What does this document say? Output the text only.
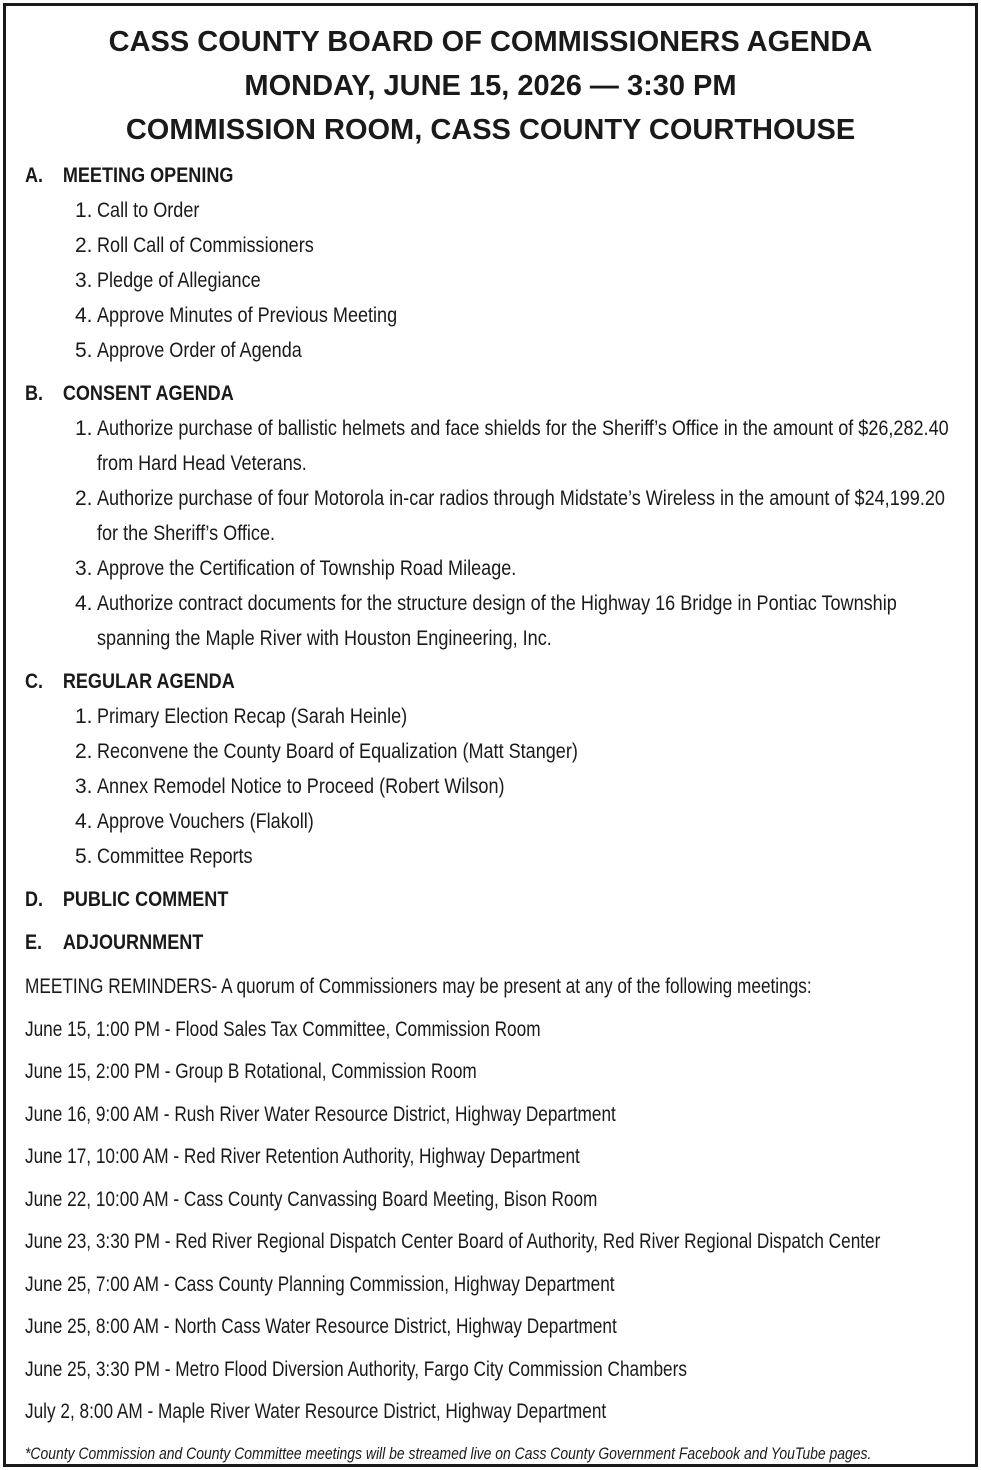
CASS COUNTY BOARD OF COMMISSIONERS AGENDA
MONDAY, JUNE 15, 2026 — 3:30 PM
COMMISSION ROOM, CASS COUNTY COURTHOUSE
A. MEETING OPENING
1. Call to Order
2. Roll Call of Commissioners
3. Pledge of Allegiance
4. Approve Minutes of Previous Meeting
5. Approve Order of Agenda
B. CONSENT AGENDA
1. Authorize purchase of ballistic helmets and face shields for the Sheriff’s Office in the amount of $26,282.40 from Hard Head Veterans.
2. Authorize purchase of four Motorola in-car radios through Midstate’s Wireless in the amount of $24,199.20 for the Sheriff’s Office.
3. Approve the Certification of Township Road Mileage.
4. Authorize contract documents for the structure design of the Highway 16 Bridge in Pontiac Township spanning the Maple River with Houston Engineering, Inc.
C. REGULAR AGENDA
1. Primary Election Recap (Sarah Heinle)
2. Reconvene the County Board of Equalization (Matt Stanger)
3. Annex Remodel Notice to Proceed (Robert Wilson)
4. Approve Vouchers (Flakoll)
5. Committee Reports
D. PUBLIC COMMENT
E. ADJOURNMENT
MEETING REMINDERS- A quorum of Commissioners may be present at any of the following meetings:
June 15, 1:00 PM - Flood Sales Tax Committee, Commission Room
June 15, 2:00 PM - Group B Rotational, Commission Room
June 16, 9:00 AM - Rush River Water Resource District, Highway Department
June 17, 10:00 AM - Red River Retention Authority, Highway Department
June 22, 10:00 AM - Cass County Canvassing Board Meeting, Bison Room
June 23, 3:30 PM - Red River Regional Dispatch Center Board of Authority, Red River Regional Dispatch Center
June 25, 7:00 AM - Cass County Planning Commission, Highway Department
June 25, 8:00 AM - North Cass Water Resource District, Highway Department
June 25, 3:30 PM - Metro Flood Diversion Authority, Fargo City Commission Chambers
July 2, 8:00 AM - Maple River Water Resource District, Highway Department
*County Commission and County Committee meetings will be streamed live on Cass County Government Facebook and YouTube pages.
